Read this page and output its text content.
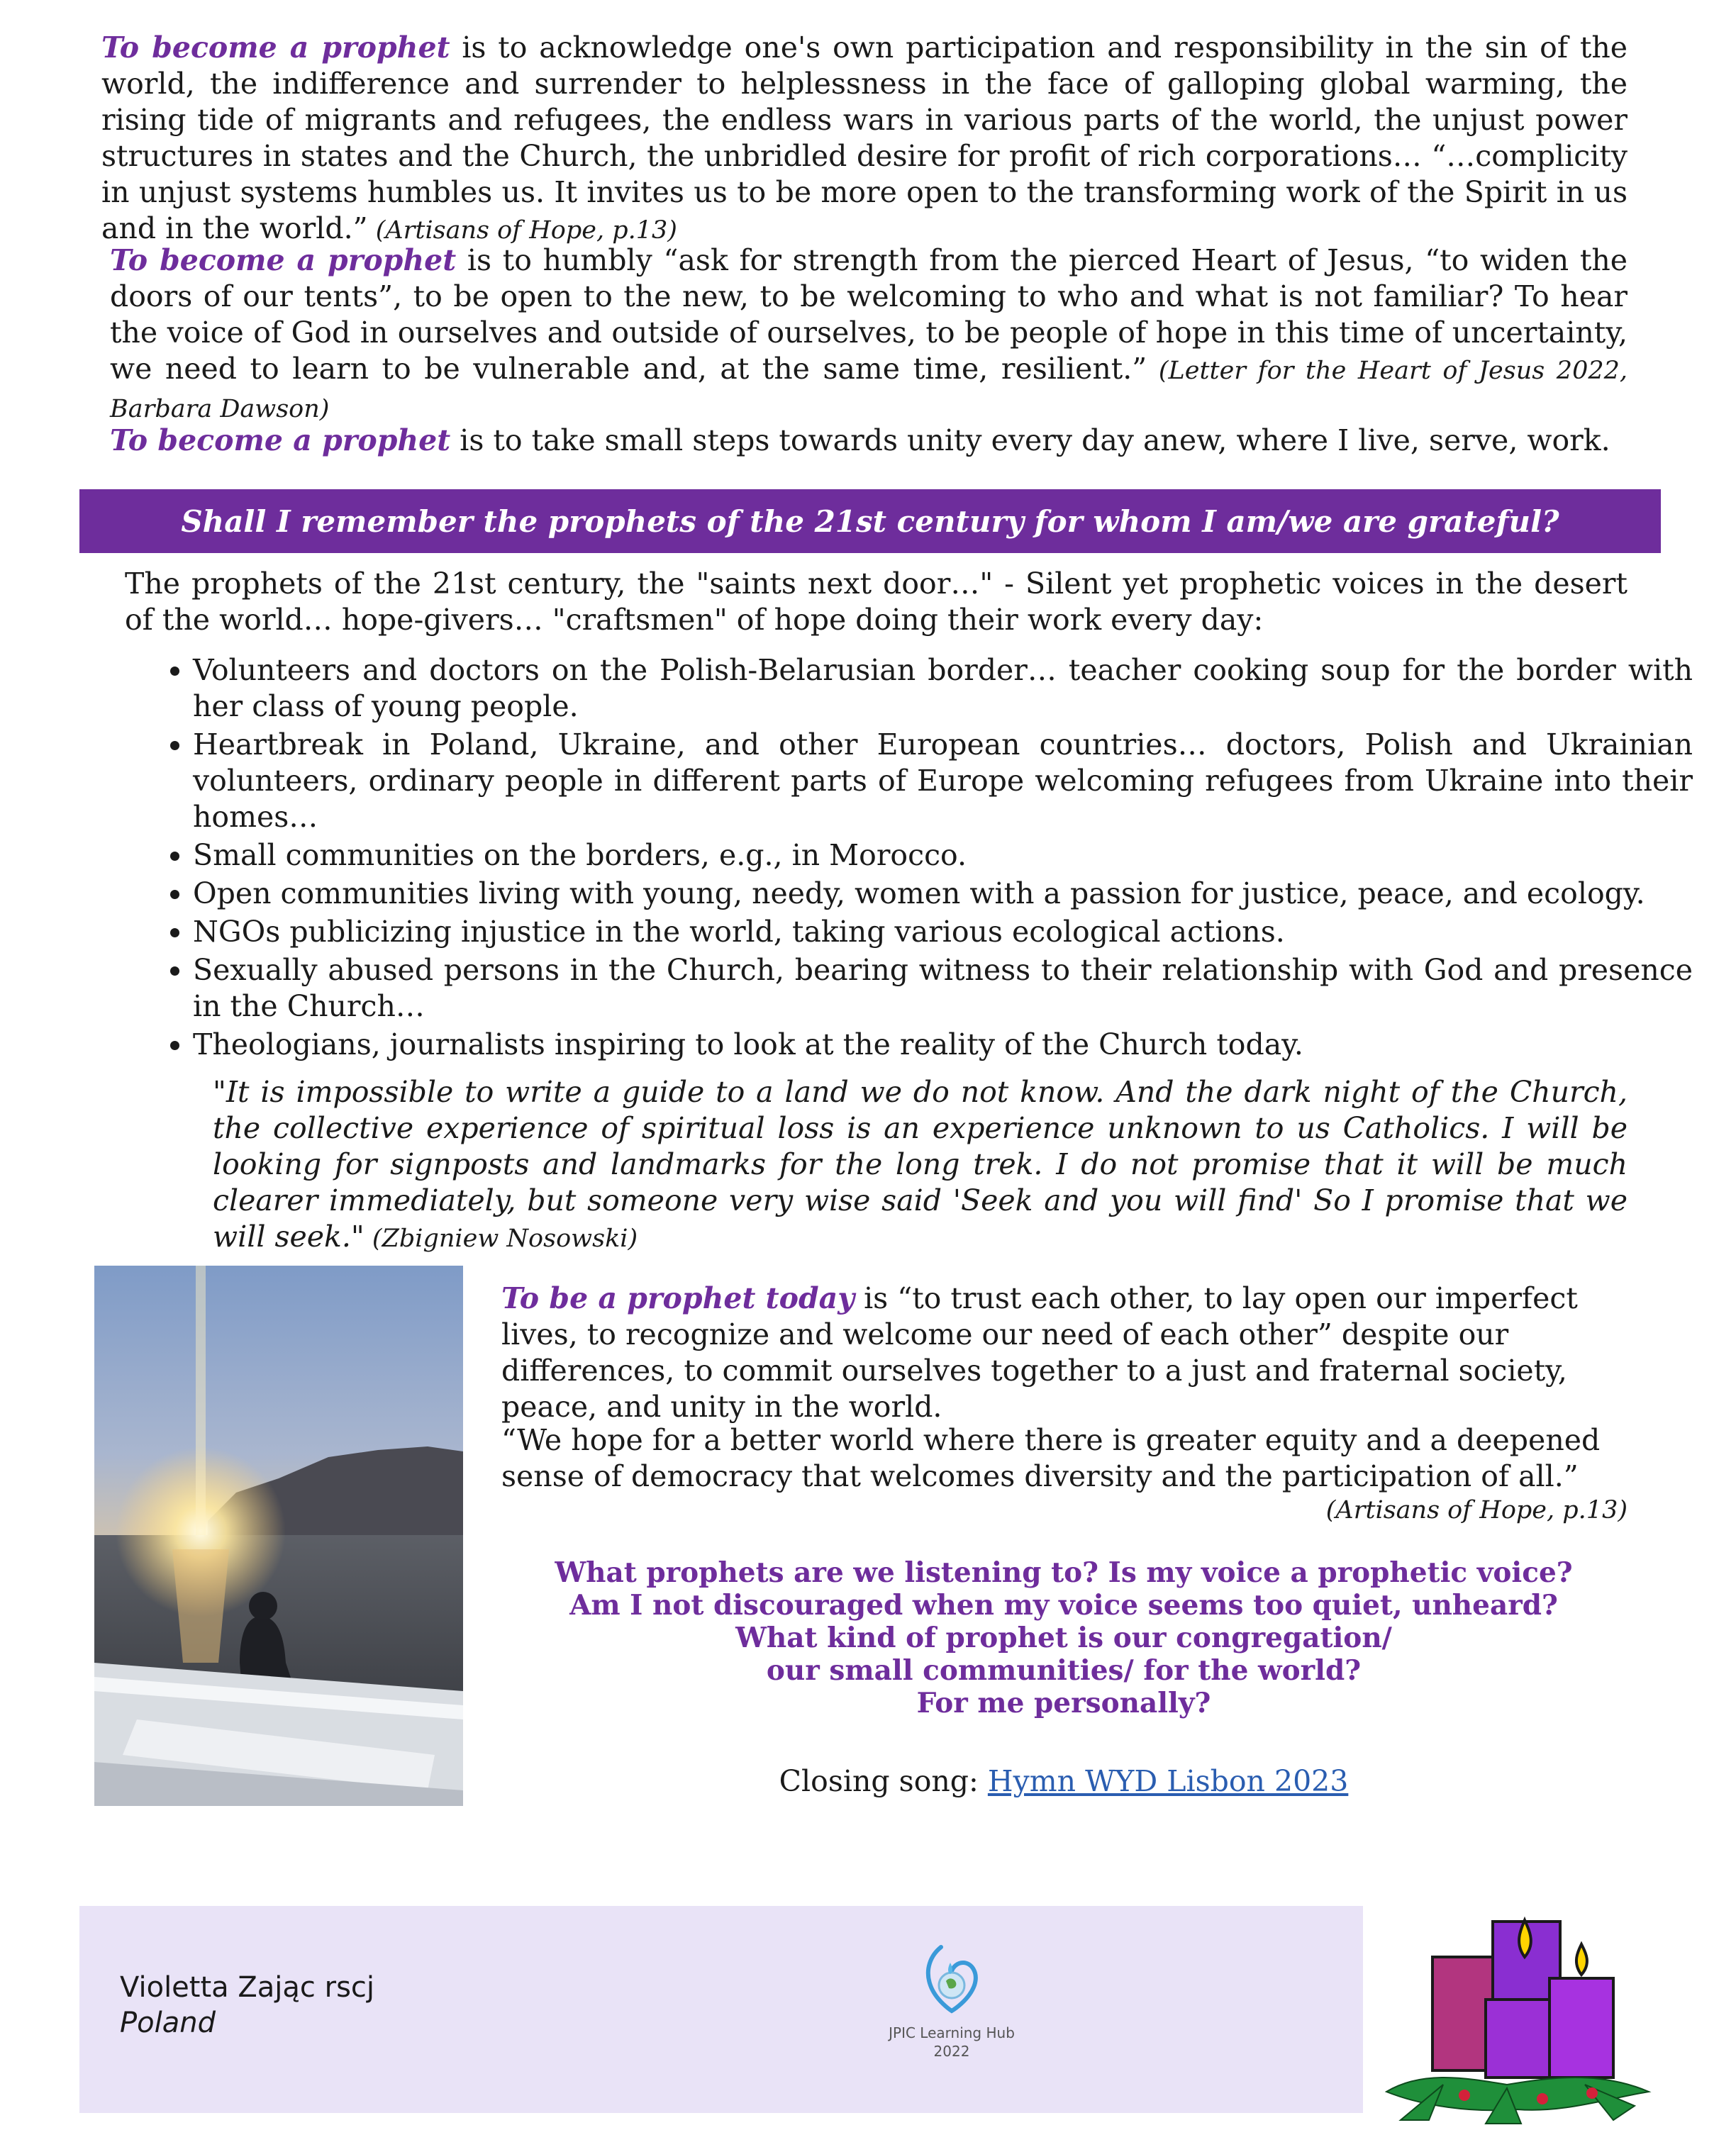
To become a prophet is to acknowledge one's own participation and responsibility in the sin of the world, the indifference and surrender to helplessness in the face of galloping global warming, the rising tide of migrants and refugees, the endless wars in various parts of the world, the unjust power structures in states and the Church, the unbridled desire for profit of rich corporations… “…complicity in unjust systems humbles us. It invites us to be more open to the transforming work of the Spirit in us and in the world.” (Artisans of Hope, p.13)

To become a prophet is to humbly “ask for strength from the pierced Heart of Jesus, “to widen the doors of our tents”, to be open to the new, to be welcoming to who and what is not familiar? To hear the voice of God in ourselves and outside of ourselves, to be people of hope in this time of uncertainty, we need to learn to be vulnerable and, at the same time, resilient.” (Letter for the Heart of Jesus 2022, Barbara Dawson)

To become a prophet is to take small steps towards unity every day anew, where I live, serve, work.

Shall I remember the prophets of the 21st century for whom I am/we are grateful?

The prophets of the 21st century, the "saints next door…" - Silent yet prophetic voices in the desert of the world… hope-givers… "craftsmen" of hope doing their work every day:

• Volunteers and doctors on the Polish-Belarusian border… teacher cooking soup for the border with her class of young people.
• Heartbreak in Poland, Ukraine, and other European countries… doctors, Polish and Ukrainian volunteers, ordinary people in different parts of Europe welcoming refugees from Ukraine into their homes…
• Small communities on the borders, e.g., in Morocco.
• Open communities living with young, needy, women with a passion for justice, peace, and ecology.
• NGOs publicizing injustice in the world, taking various ecological actions.
• Sexually abused persons in the Church, bearing witness to their relationship with God and presence in the Church…
• Theologians, journalists inspiring to look at the reality of the Church today.

"It is impossible to write a guide to a land we do not know. And the dark night of the Church, the collective experience of spiritual loss is an experience unknown to us Catholics. I will be looking for signposts and landmarks for the long trek. I do not promise that it will be much clearer immediately, but someone very wise said 'Seek and you will find' So I promise that we will seek." (Zbigniew Nosowski)

To be a prophet today is “to trust each other, to lay open our imperfect lives, to recognize and welcome our need of each other” despite our differences, to commit ourselves together to a just and fraternal society, peace, and unity in the world.

“We hope for a better world where there is greater equity and a deepened sense of democracy that welcomes diversity and the participation of all.”

(Artisans of Hope, p.13)
What prophets are we listening to? Is my voice a prophetic voice?
Am I not discouraged when my voice seems too quiet, unheard?
What kind of prophet is our congregation/
our small communities/ for the world?
For me personally?
Closing song: Hymn WYD Lisbon 2023
Violetta Zając rscj
Poland	JPIC Learning Hub
2022
